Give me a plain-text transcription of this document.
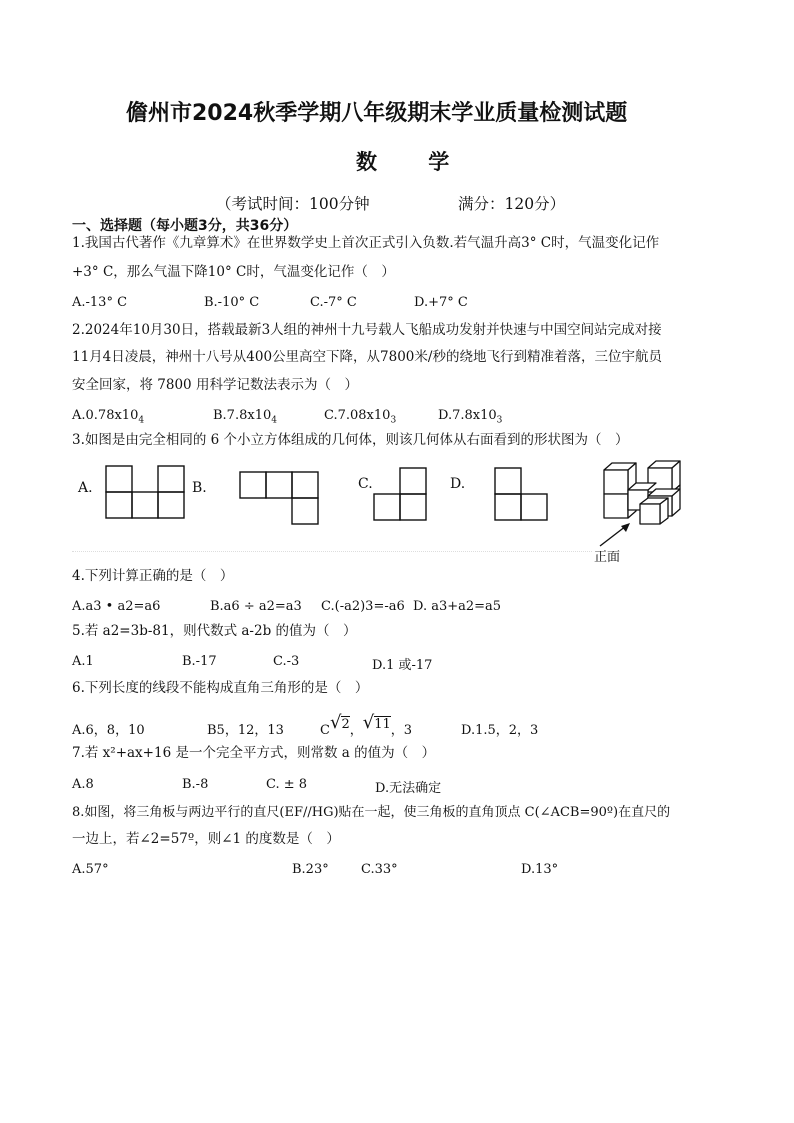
儋州市2024秋季学期八年级期末学业质量检测试题
数 学
（考试时间：100分钟	满分：120分）
一、选择题（每小题3分，共36分）
1.我国古代著作《九章算术》在世界数学史上首次正式引入负数.若气温升高3° C时，气温变化记作
+3° C，那么气温下降10° C时，气温变化记作（　）
A.-13° C	B.-10° C	C.-7° C	D.+7° C
2.2024年10月30日，搭载最新3人组的神州十九号载人飞船成功发射并快速与中国空间站完成对接
11月4日凌晨，神州十八号从400公里高空下降，从7800米/秒的绕地飞行到精准着落，三位宇航员
安全回家，将 7800 用科学记数法表示为（　）
$A.0.78x10_4$	$B.7.8x10_4$	$C.7.08x10_3$	$D.7.8x10_3$
3.如图是由完全相同的 6 个小立方体组成的几何体，则该几何体从右面看到的形状图为（　）
A.	B.	C.	D.
正面
4.下列计算正确的是（　）
A.a3 • a2=a6	B.a6 ÷ a2=a3 C.(-a2)3=-a6 D. a3+a2=a5
5.若 a2=3b-81，则代数式 a-2b 的值为（　）
A.1	B.-17	C.-3	D.1 或-17
6.下列长度的线段不能构成直角三角形的是（　）
A.6，8，10	B5，12，13	C√2，√11，3	D.1.5，2，3
7.若 x²+ax+16 是一个完全平方式，则常数 a 的值为（　）
A.8	B.-8	C. ± 8	D.无法确定
8.如图，将三角板与两边平行的直尺(EF//HG)贴在一起，使三角板的直角顶点 C(∠ACB=90º)在直尺的
一边上，若∠2=57º，则∠1 的度数是（　）
A.57°	B.23° C.33°	D.13°
